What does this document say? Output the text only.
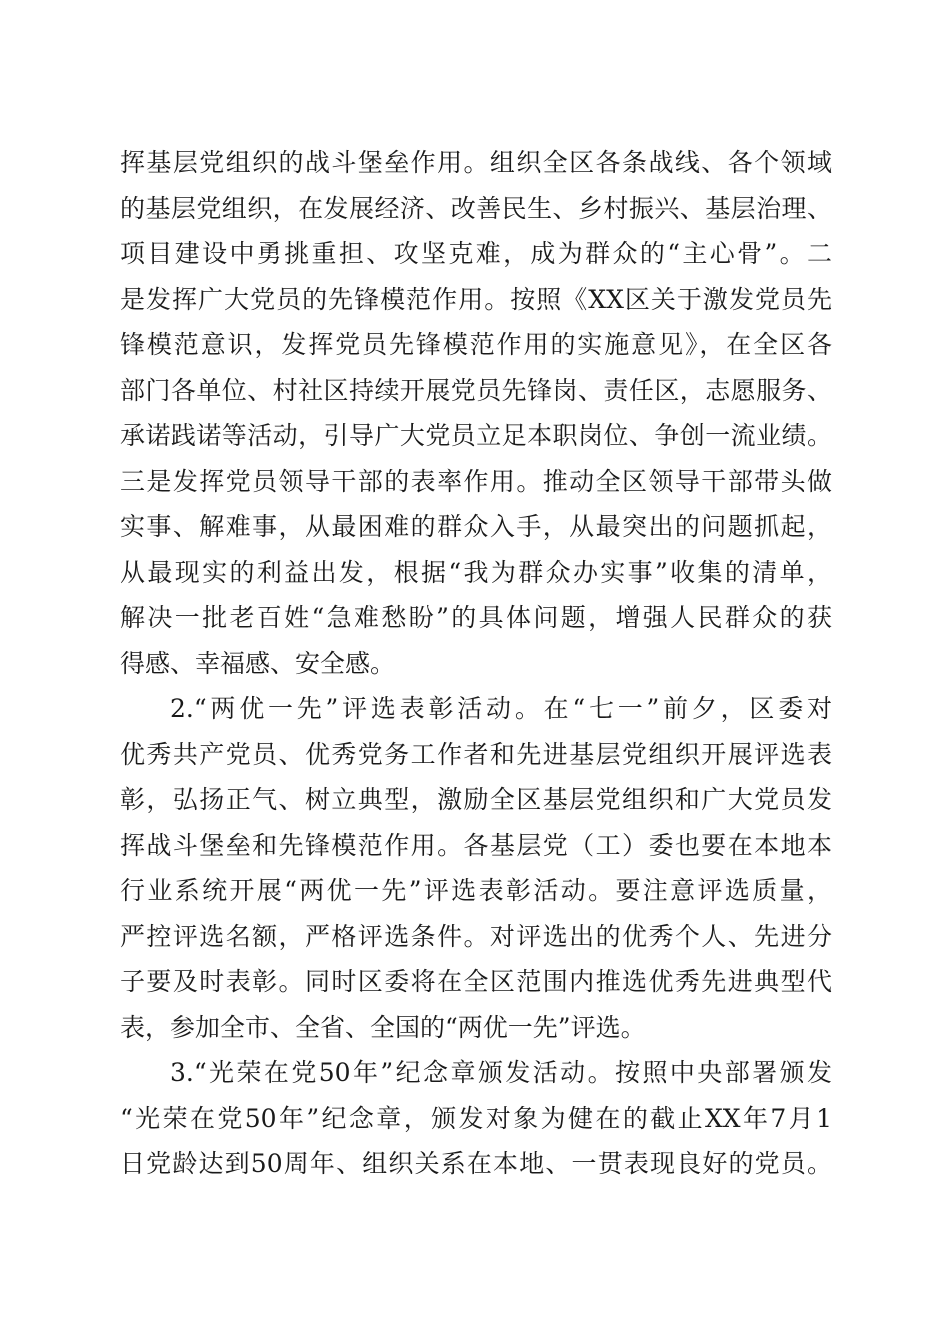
挥基层党组织的战斗堡垒作用。组织全区各条战线、各个领域
的基层党组织，在发展经济、改善民生、乡村振兴、基层治理、
项目建设中勇挑重担、攻坚克难，成为群众的“主心骨”。二
是发挥广大党员的先锋模范作用。按照《XX区关于激发党员先
锋模范意识，发挥党员先锋模范作用的实施意见》，在全区各
部门各单位、村社区持续开展党员先锋岗、责任区，志愿服务、
承诺践诺等活动，引导广大党员立足本职岗位、争创一流业绩。
三是发挥党员领导干部的表率作用。推动全区领导干部带头做
实事、解难事，从最困难的群众入手，从最突出的问题抓起，
从最现实的利益出发，根据“我为群众办实事”收集的清单，
解决一批老百姓“急难愁盼”的具体问题，增强人民群众的获
得感、幸福感、安全感。
2.“两优一先”评选表彰活动。在“七一”前夕，区委对
优秀共产党员、优秀党务工作者和先进基层党组织开展评选表
彰，弘扬正气、树立典型，激励全区基层党组织和广大党员发
挥战斗堡垒和先锋模范作用。各基层党（工）委也要在本地本
行业系统开展“两优一先”评选表彰活动。要注意评选质量，
严控评选名额，严格评选条件。对评选出的优秀个人、先进分
子要及时表彰。同时区委将在全区范围内推选优秀先进典型代
表，参加全市、全省、全国的“两优一先”评选。
3.“光荣在党50年”纪念章颁发活动。按照中央部署颁发
“光荣在党50年”纪念章，颁发对象为健在的截止XX年7月1
日党龄达到50周年、组织关系在本地、一贯表现良好的党员。
